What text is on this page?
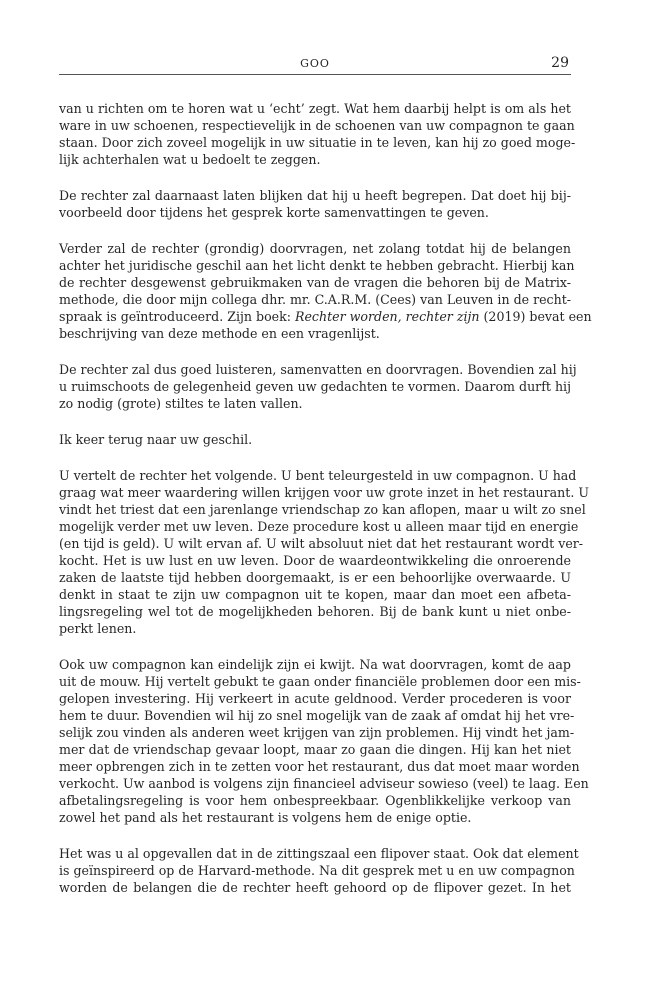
GOO	29

van u richten om te horen wat u ‘echt’ zegt. Wat hem daarbij helpt is om als het
ware in uw schoenen, respectievelijk in de schoenen van uw compagnon te gaan
staan. Door zich zoveel mogelijk in uw situatie in te leven, kan hij zo goed moge-
lijk achterhalen wat u bedoelt te zeggen.

De rechter zal daarnaast laten blijken dat hij u heeft begrepen. Dat doet hij bij-
voorbeeld door tijdens het gesprek korte samenvattingen te geven.

Verder zal de rechter (grondig) doorvragen, net zolang totdat hij de belangen
achter het juridische geschil aan het licht denkt te hebben gebracht. Hierbij kan
de rechter desgewenst gebruikmaken van de vragen die behoren bij de Matrix-
methode, die door mijn collega dhr. mr. C.A.R.M. (Cees) van Leuven in de recht-
spraak is geïntroduceerd. Zijn boek: Rechter worden, rechter zijn (2019) bevat een
beschrijving van deze methode en een vragenlijst.

De rechter zal dus goed luisteren, samenvatten en doorvragen. Bovendien zal hij
u ruimschoots de gelegenheid geven uw gedachten te vormen. Daarom durft hij
zo nodig (grote) stiltes te laten vallen.

Ik keer terug naar uw geschil.

U vertelt de rechter het volgende. U bent teleurgesteld in uw compagnon. U had
graag wat meer waardering willen krijgen voor uw grote inzet in het restaurant. U
vindt het triest dat een jarenlange vriendschap zo kan aflopen, maar u wilt zo snel
mogelijk verder met uw leven. Deze procedure kost u alleen maar tijd en energie
(en tijd is geld). U wilt ervan af. U wilt absoluut niet dat het restaurant wordt ver-
kocht. Het is uw lust en uw leven. Door de waardeontwikkeling die onroerende
zaken de laatste tijd hebben doorgemaakt, is er een behoorlijke overwaarde. U
denkt in staat te zijn uw compagnon uit te kopen, maar dan moet een afbeta-
lingsregeling wel tot de mogelijkheden behoren. Bij de bank kunt u niet onbe-
perkt lenen.

Ook uw compagnon kan eindelijk zijn ei kwijt. Na wat doorvragen, komt de aap
uit de mouw. Hij vertelt gebukt te gaan onder financiële problemen door een mis-
gelopen investering. Hij verkeert in acute geldnood. Verder procederen is voor
hem te duur. Bovendien wil hij zo snel mogelijk van de zaak af omdat hij het vre-
selijk zou vinden als anderen weet krijgen van zijn problemen. Hij vindt het jam-
mer dat de vriendschap gevaar loopt, maar zo gaan die dingen. Hij kan het niet
meer opbrengen zich in te zetten voor het restaurant, dus dat moet maar worden
verkocht. Uw aanbod is volgens zijn financieel adviseur sowieso (veel) te laag. Een
afbetalingsregeling is voor hem onbespreekbaar. Ogenblikkelijke verkoop van
zowel het pand als het restaurant is volgens hem de enige optie.

Het was u al opgevallen dat in de zittingszaal een flipover staat. Ook dat element
is geïnspireerd op de Harvard-methode. Na dit gesprek met u en uw compagnon
worden de belangen die de rechter heeft gehoord op de flipover gezet. In het
